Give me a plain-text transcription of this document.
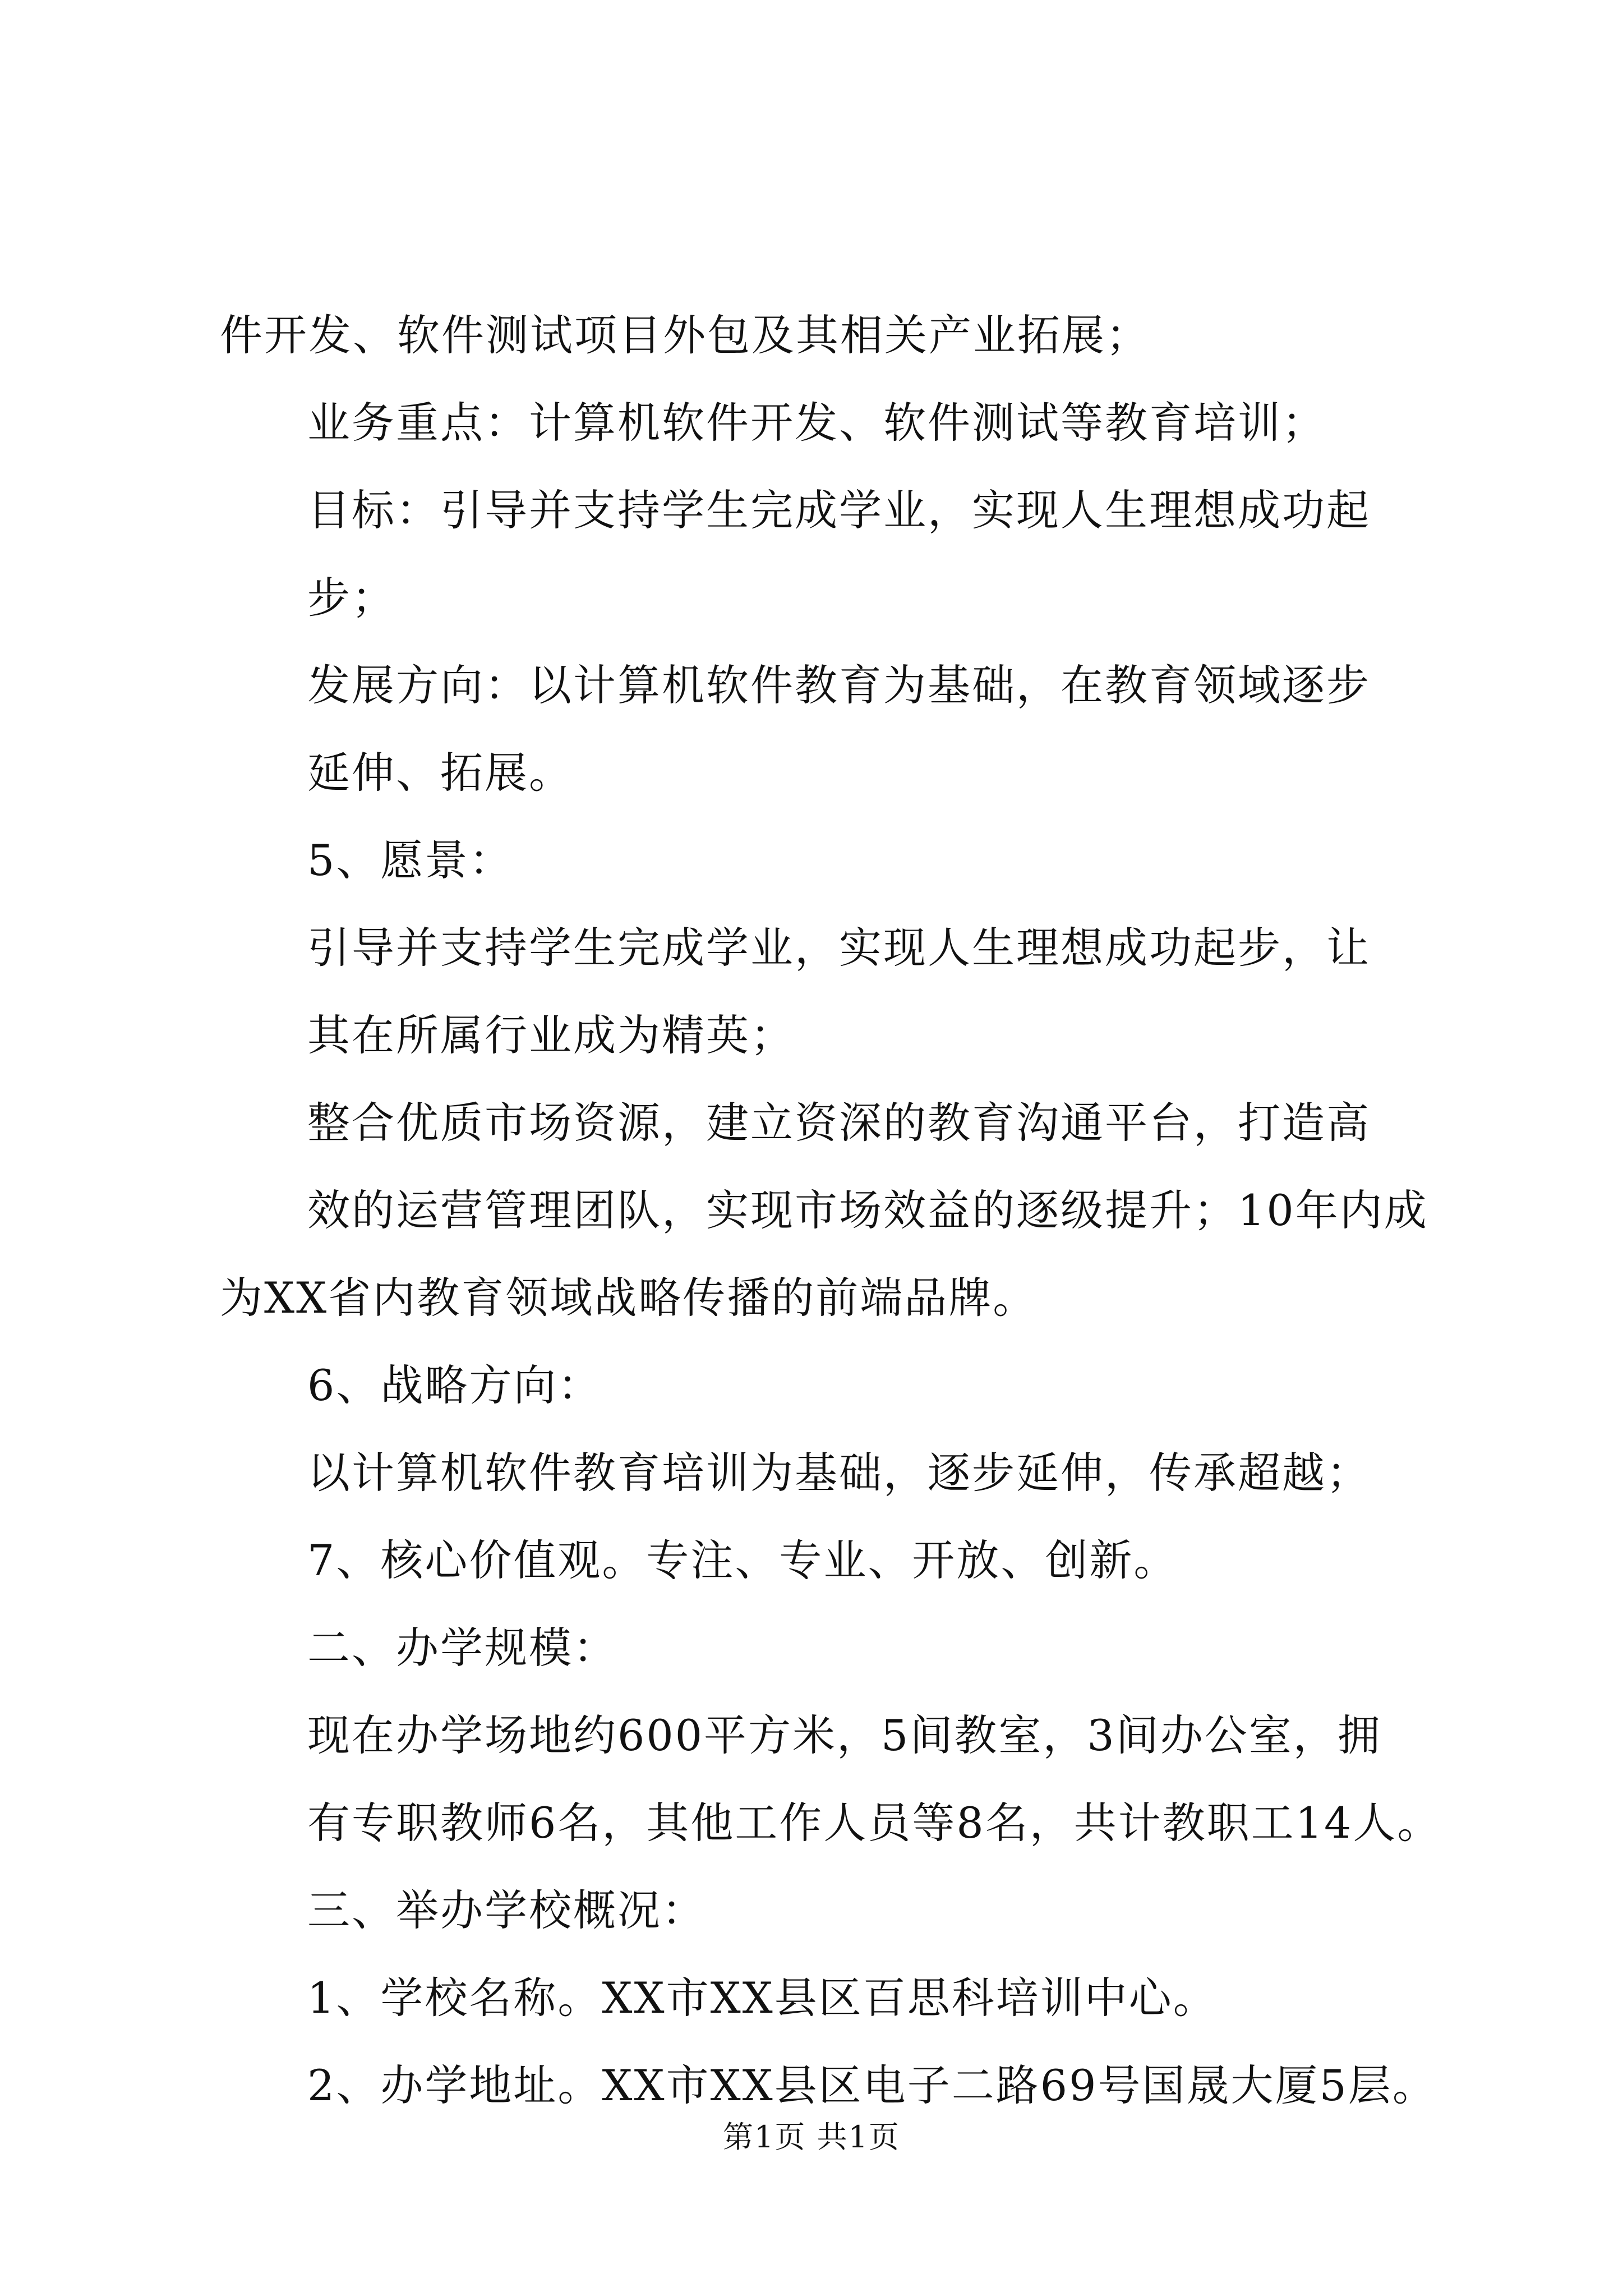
件开发、软件测试项目外包及其相关产业拓展；

业务重点：计算机软件开发、软件测试等教育培训；

目标：引导并支持学生完成学业，实现人生理想成功起

步；

发展方向：以计算机软件教育为基础，在教育领域逐步

延伸、拓展。

5、愿景：

引导并支持学生完成学业，实现人生理想成功起步，让

其在所属行业成为精英；

整合优质市场资源，建立资深的教育沟通平台，打造高

效的运营管理团队，实现市场效益的逐级提升；10年内成

为XX省内教育领域战略传播的前端品牌。

6、战略方向：

以计算机软件教育培训为基础，逐步延伸，传承超越；

7、核心价值观。专注、专业、开放、创新。

二、办学规模：

现在办学场地约600平方米，5间教室，3间办公室，拥

有专职教师6名，其他工作人员等8名，共计教职工14人。

三、举办学校概况：

1、学校名称。XX市XX县区百思科培训中心。

2、办学地址。XX市XX县区电子二路69号国晟大厦5层。

第1页 共1页
